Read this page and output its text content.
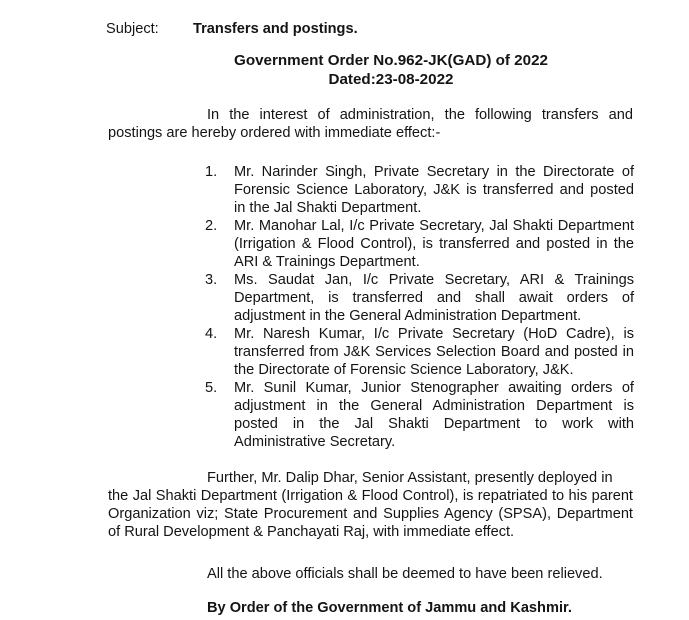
Subject: Transfers and postings.
Government Order No.962-JK(GAD) of 2022
Dated:23-08-2022
In the interest of administration, the following transfers and postings are hereby ordered with immediate effect:-
1. Mr. Narinder Singh, Private Secretary in the Directorate of Forensic Science Laboratory, J&K is transferred and posted in the Jal Shakti Department.
2. Mr. Manohar Lal, I/c Private Secretary, Jal Shakti Department (Irrigation & Flood Control), is transferred and posted in the ARI & Trainings Department.
3. Ms. Saudat Jan, I/c Private Secretary, ARI & Trainings Department, is transferred and shall await orders of adjustment in the General Administration Department.
4. Mr. Naresh Kumar, I/c Private Secretary (HoD Cadre), is transferred from J&K Services Selection Board and posted in the Directorate of Forensic Science Laboratory, J&K.
5. Mr. Sunil Kumar, Junior Stenographer awaiting orders of adjustment in the General Administration Department is posted in the Jal Shakti Department to work with Administrative Secretary.
Further, Mr. Dalip Dhar, Senior Assistant, presently deployed in
the Jal Shakti Department (Irrigation & Flood Control), is repatriated to his parent Organization viz; State Procurement and Supplies Agency (SPSA), Department of Rural Development & Panchayati Raj, with immediate effect.
All the above officials shall be deemed to have been relieved.
By Order of the Government of Jammu and Kashmir.
